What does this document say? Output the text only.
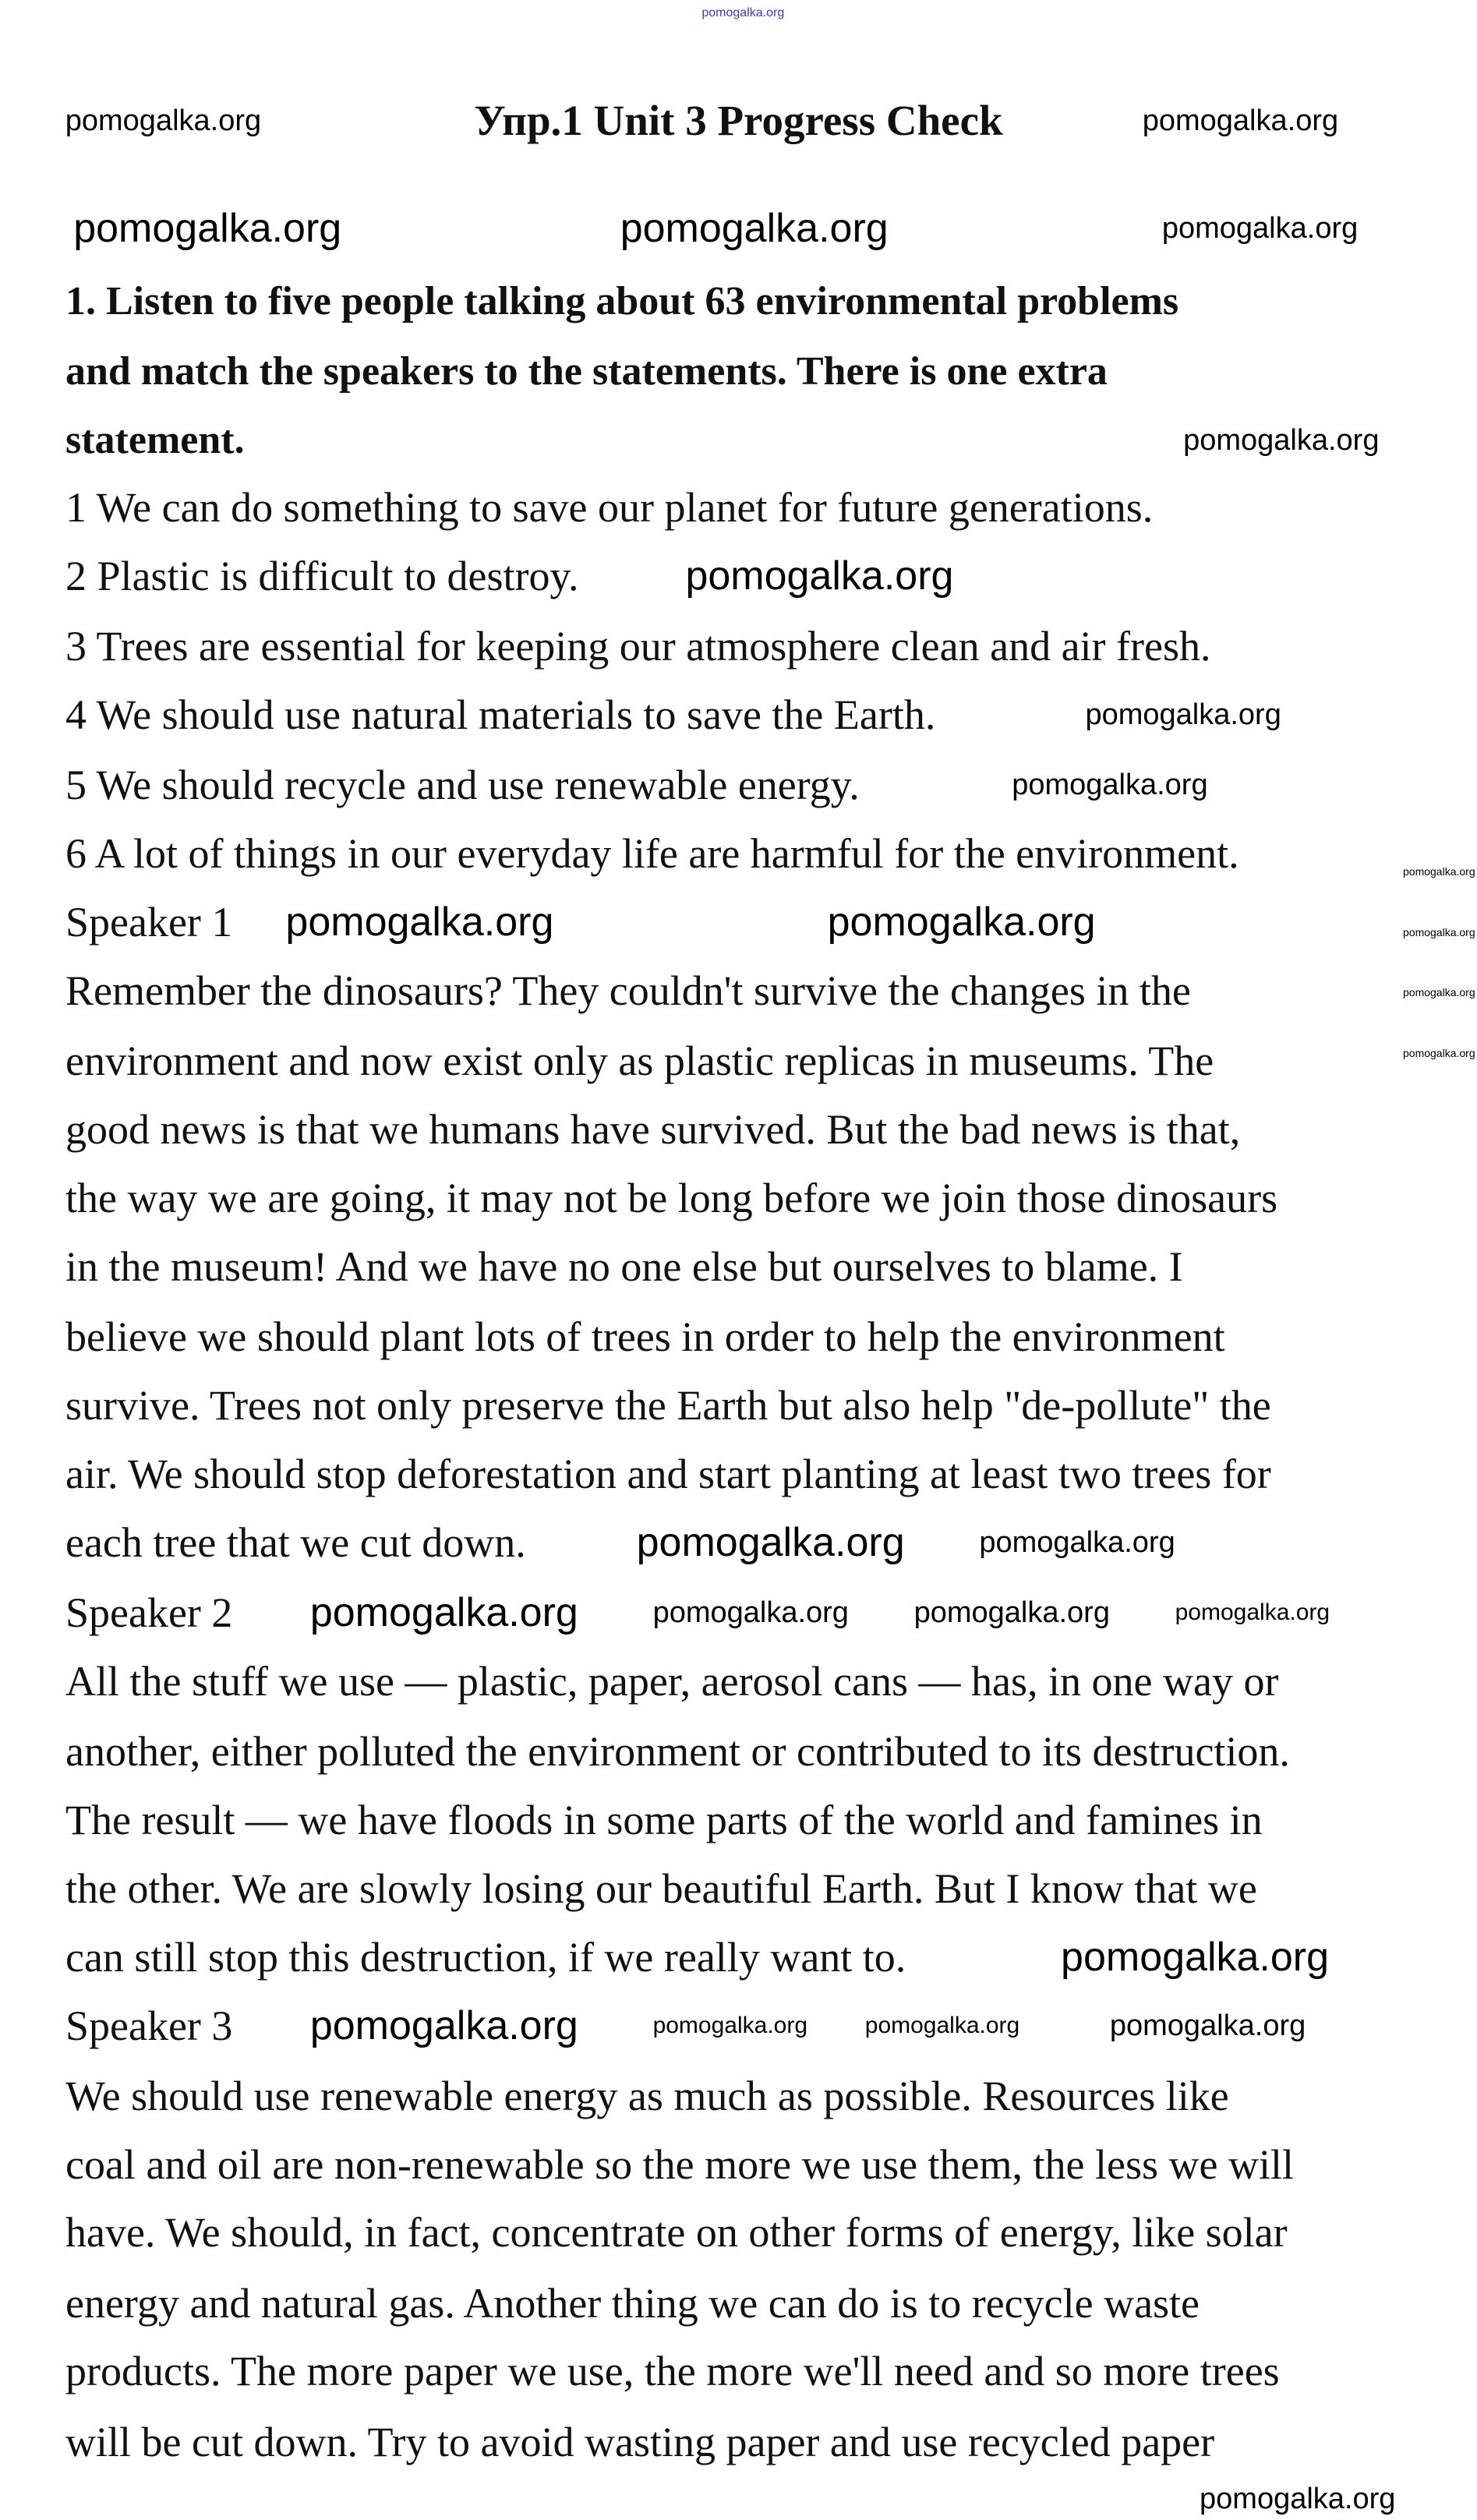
Упр.1 Unit 3 Progress Check
1. Listen to five people talking about 63 environmental problems
and match the speakers to the statements. There is one extra
statement.
1 We can do something to save our planet for future generations.
2 Plastic is difficult to destroy.
3 Trees are essential for keeping our atmosphere clean and air fresh.
4 We should use natural materials to save the Earth.
5 We should recycle and use renewable energy.
6 A lot of things in our everyday life are harmful for the environment.
Speaker 1
Remember the dinosaurs? They couldn't survive the changes in the
environment and now exist only as plastic replicas in museums. The
good news is that we humans have survived. But the bad news is that,
the way we are going, it may not be long before we join those dinosaurs
in the museum! And we have no one else but ourselves to blame. I
believe we should plant lots of trees in order to help the environment
survive. Trees not only preserve the Earth but also help "de-pollute" the
air. We should stop deforestation and start planting at least two trees for
each tree that we cut down.
Speaker 2
All the stuff we use — plastic, paper, aerosol cans — has, in one way or
another, either polluted the environment or contributed to its destruction.
The result — we have floods in some parts of the world and famines in
the other. We are slowly losing our beautiful Earth. But I know that we
can still stop this destruction, if we really want to.
Speaker 3
We should use renewable energy as much as possible. Resources like
coal and oil are non-renewable so the more we use them, the less we will
have. We should, in fact, concentrate on other forms of energy, like solar
energy and natural gas. Another thing we can do is to recycle waste
products. The more paper we use, the more we'll need and so more trees
will be cut down. Try to avoid wasting paper and use recycled paper
pomogalka.org
pomogalka.org	pomogalka.org
pomogalka.org	pomogalka.org	pomogalka.org
pomogalka.org
pomogalka.org
pomogalka.org
pomogalka.org
pomogalka.org
pomogalka.org
pomogalka.org
pomogalka.org
pomogalka.org	pomogalka.org
pomogalka.org	pomogalka.org
pomogalka.org	pomogalka.org pomogalka.org	pomogalka.org
pomogalka.org
pomogalka.org	pomogalka.org pomogalka.org	pomogalka.org
pomogalka.org
